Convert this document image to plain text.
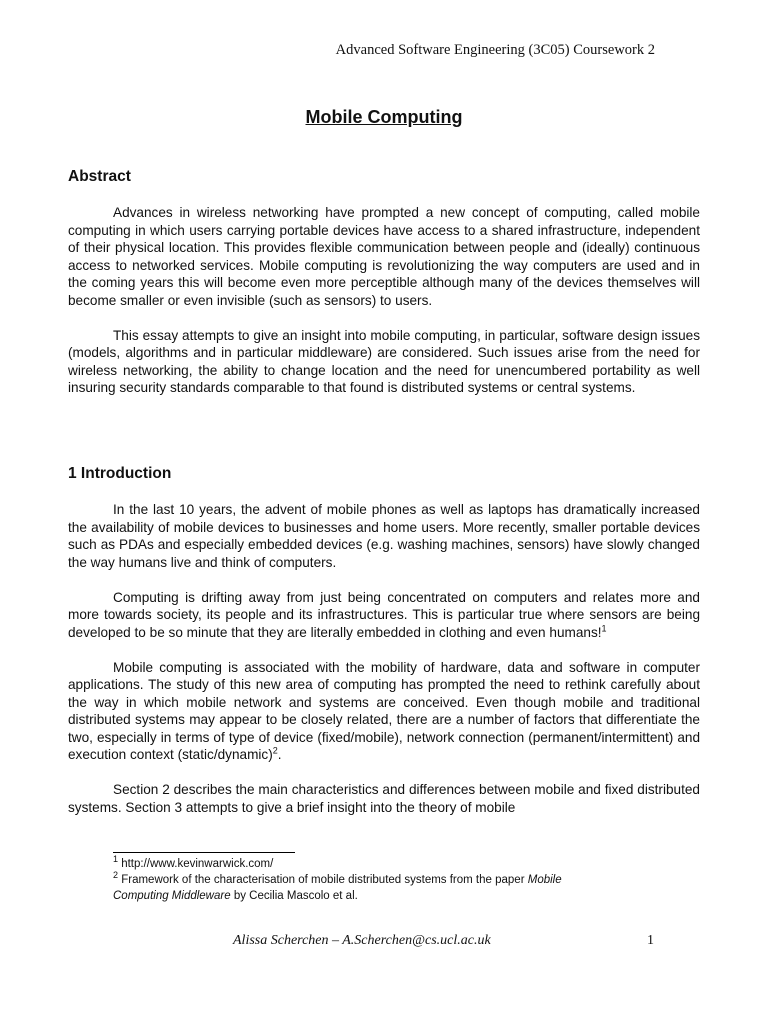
Advanced Software Engineering (3C05) Coursework 2
Mobile Computing
Abstract

Advances in wireless networking have prompted a new concept of computing, called mobile computing in which users carrying portable devices have access to a shared infrastructure, independent of their physical location. This provides flexible communication between people and (ideally) continuous access to networked services. Mobile computing is revolutionizing the way computers are used and in the coming years this will become even more perceptible although many of the devices themselves will become smaller or even invisible (such as sensors) to users.

This essay attempts to give an insight into mobile computing, in particular, software design issues (models, algorithms and in particular middleware) are considered. Such issues arise from the need for wireless networking, the ability to change location and the need for unencumbered portability as well insuring security standards comparable to that found is distributed systems or central systems.

1 Introduction

In the last 10 years, the advent of mobile phones as well as laptops has dramatically increased the availability of mobile devices to businesses and home users. More recently, smaller portable devices such as PDAs and especially embedded devices (e.g. washing machines, sensors) have slowly changed the way humans live and think of computers.

Computing is drifting away from just being concentrated on computers and relates more and more towards society, its people and its infrastructures. This is particular true where sensors are being developed to be so minute that they are literally embedded in clothing and even humans!$^1$

Mobile computing is associated with the mobility of hardware, data and software in computer applications. The study of this new area of computing has prompted the need to rethink carefully about the way in which mobile network and systems are conceived. Even though mobile and traditional distributed systems may appear to be closely related, there are a number of factors that differentiate the two, especially in terms of type of device (fixed/mobile), network connection (permanent/intermittent) and execution context (static/dynamic)$^2$.

Section 2 describes the main characteristics and differences between mobile and fixed distributed systems. Section 3 attempts to give a brief insight into the theory of mobile

$^1$ http://www.kevinwarwick.com/
$^2$ Framework of the characterisation of mobile distributed systems from the paper Mobile Computing Middleware by Cecilia Mascolo et al.
Alissa Scherchen – A.Scherchen@cs.ucl.ac.uk	1
